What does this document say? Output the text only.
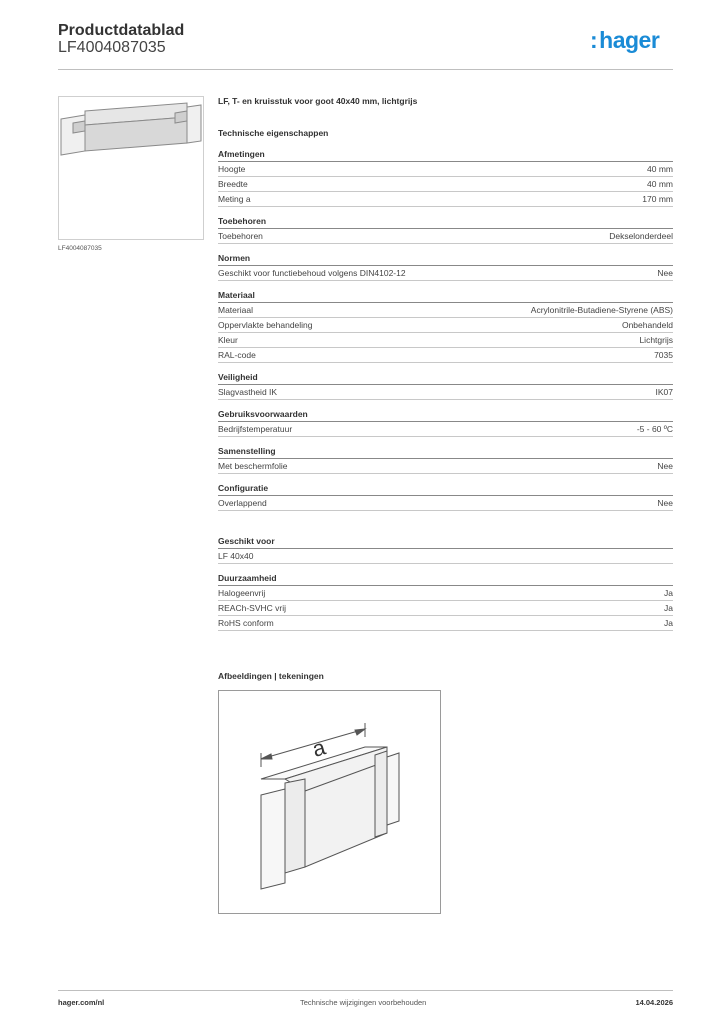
Productdatablad
LF4004087035	:hager
LF4004087035
LF, T- en kruisstuk voor goot 40x40 mm, lichtgrijs
Technische eigenschappen
Afmetingen
Hoogte	40 mm
Breedte	40 mm
Meting a	170 mm
Toebehoren
Toebehoren	Dekselonderdeel
Normen
Geschikt voor functiebehoud volgens DIN4102-12	Nee
Materiaal
Materiaal	Acrylonitrile-Butadiene-Styrene (ABS)
Oppervlakte behandeling	Onbehandeld
Kleur	Lichtgrijs
RAL-code	7035
Veiligheid
Slagvastheid IK	IK07
Gebruiksvoorwaarden
Bedrijfstemperatuur	-5 - 60 ºC
Samenstelling
Met beschermfolie	Nee
Configuratie
Overlappend	Nee
Geschikt voor
LF 40x40
Duurzaamheid
Halogeenvrij	Ja
REACh-SVHC vrij	Ja
RoHS conform	Ja
Afbeeldingen | tekeningen
a
hager.com/nl	Technische wijzigingen voorbehouden	14.04.2026
